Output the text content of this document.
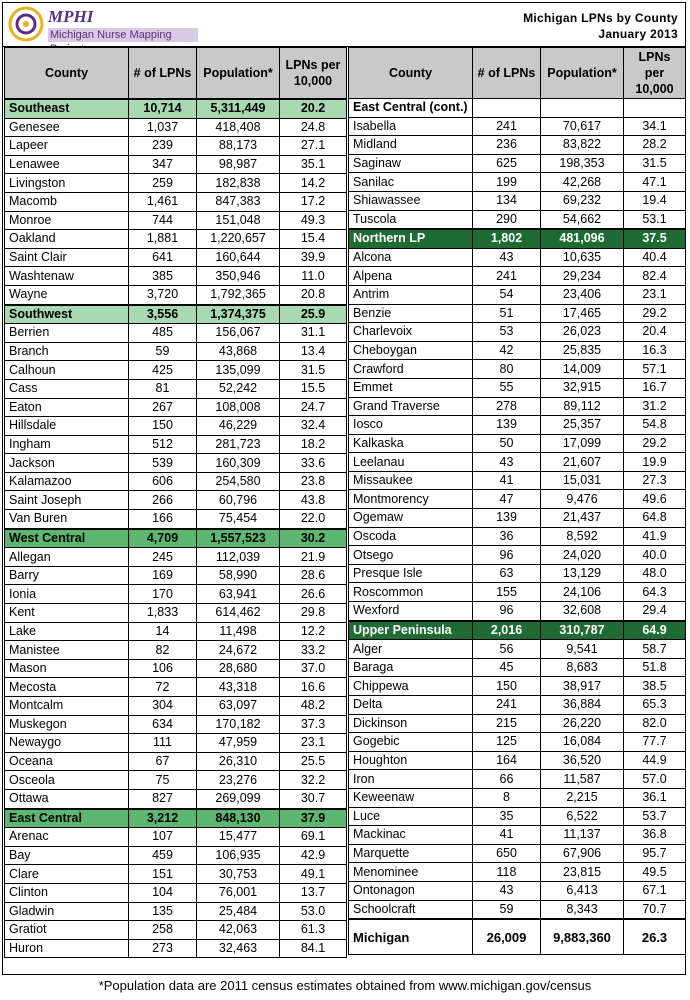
MPHI
Michigan Nurse Mapping
Michigan LPNs by County
January 2013
County	# of LPNs	Population*	LPNs per 10,000
Southeast	10,714	5,311,449	20.2
Genesee	1,037	418,408	24.8
Lapeer	239	88,173	27.1
Lenawee	347	98,987	35.1
Livingston	259	182,838	14.2
Macomb	1,461	847,383	17.2
Monroe	744	151,048	49.3
Oakland	1,881	1,220,657	15.4
Saint Clair	641	160,644	39.9
Washtenaw	385	350,946	11.0
Wayne	3,720	1,792,365	20.8
Southwest	3,556	1,374,375	25.9
Berrien	485	156,067	31.1
Branch	59	43,868	13.4
Calhoun	425	135,099	31.5
Cass	81	52,242	15.5
Eaton	267	108,008	24.7
Hillsdale	150	46,229	32.4
Ingham	512	281,723	18.2
Jackson	539	160,309	33.6
Kalamazoo	606	254,580	23.8
Saint Joseph	266	60,796	43.8
Van Buren	166	75,454	22.0
West Central	4,709	1,557,523	30.2
Allegan	245	112,039	21.9
Barry	169	58,990	28.6
Ionia	170	63,941	26.6
Kent	1,833	614,462	29.8
Lake	14	11,498	12.2
Manistee	82	24,672	33.2
Mason	106	28,680	37.0
Mecosta	72	43,318	16.6
Montcalm	304	63,097	48.2
Muskegon	634	170,182	37.3
Newaygo	111	47,959	23.1
Oceana	67	26,310	25.5
Osceola	75	23,276	32.2
Ottawa	827	269,099	30.7
East Central	3,212	848,130	37.9
Arenac	107	15,477	69.1
Bay	459	106,935	42.9
Clare	151	30,753	49.1
Clinton	104	76,001	13.7
Gladwin	135	25,484	53.0
Gratiot	258	42,063	61.3
Huron	273	32,463	84.1
County	# of LPNs	Population*	LPNs per 10,000
East Central (cont.)			
Isabella	241	70,617	34.1
Midland	236	83,822	28.2
Saginaw	625	198,353	31.5
Sanilac	199	42,268	47.1
Shiawassee	134	69,232	19.4
Tuscola	290	54,662	53.1
Northern LP	1,802	481,096	37.5
Alcona	43	10,635	40.4
Alpena	241	29,234	82.4
Antrim	54	23,406	23.1
Benzie	51	17,465	29.2
Charlevoix	53	26,023	20.4
Cheboygan	42	25,835	16.3
Crawford	80	14,009	57.1
Emmet	55	32,915	16.7
Grand Traverse	278	89,112	31.2
Iosco	139	25,357	54.8
Kalkaska	50	17,099	29.2
Leelanau	43	21,607	19.9
Missaukee	41	15,031	27.3
Montmorency	47	9,476	49.6
Ogemaw	139	21,437	64.8
Oscoda	36	8,592	41.9
Otsego	96	24,020	40.0
Presque Isle	63	13,129	48.0
Roscommon	155	24,106	64.3
Wexford	96	32,608	29.4
Upper Peninsula	2,016	310,787	64.9
Alger	56	9,541	58.7
Baraga	45	8,683	51.8
Chippewa	150	38,917	38.5
Delta	241	36,884	65.3
Dickinson	215	26,220	82.0
Gogebic	125	16,084	77.7
Houghton	164	36,520	44.9
Iron	66	11,587	57.0
Keweenaw	8	2,215	36.1
Luce	35	6,522	53.7
Mackinac	41	11,137	36.8
Marquette	650	67,906	95.7
Menominee	118	23,815	49.5
Ontonagon	43	6,413	67.1
Schoolcraft	59	8,343	70.7
Michigan	26,009	9,883,360	26.3
*Population data are 2011 census estimates obtained from www.michigan.gov/census
